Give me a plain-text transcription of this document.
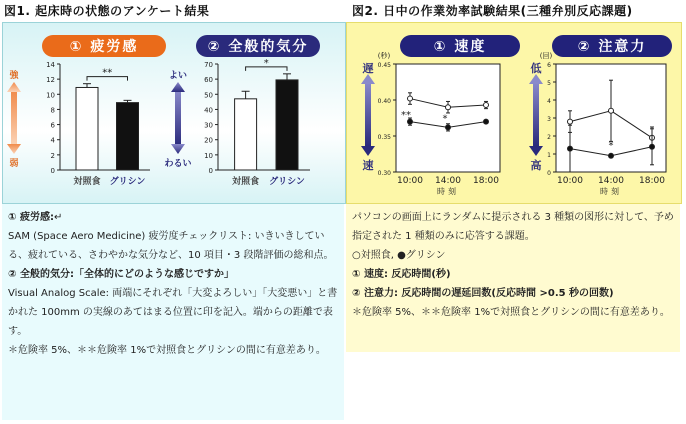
図1. 起床時の状態のアンケート結果	図2. 日中の作業効率試験結果(三種弁別反応課題)
① 疲労感	② 全般的気分	① 速度	② 注意力
0
2
4
6
8
10
12
14
強
弱
対照食 グリシン
**
0
10
20
30
40
50
60
70
よい
わるい
対照食 グリシン
*
0.30
0.35
0.40
0.45
(秒)
10:00 14:00 18:00
時刻
遅
速
**	*
0
1
2
3
4
5
6
(回)
10:00 14:00 18:00
時刻
低
高
*
① 疲労感:↵
SAM (Space Aero Medicine) 疲労度チェックリスト: いきいきしている、疲れている、さわやかな気分など、10 項目・3 段階評価の総和点。
② 全般的気分:「全体的にどのような感じですか」
Visual Analog Scale: 両端にそれぞれ「大変よろしい」「大変悪い」と書かれた 100mm の実線のあてはまる位置に印を記入。端からの距離で表す。
＊危険率 5%、＊＊危険率 1%で対照食とグリシンの間に有意差あり。
パソコンの画面上にランダムに提示される 3 種類の図形に対して、予め指定された 1 種類のみに応答する課題。
○対照食, ●グリシン
① 速度: 反応時間(秒)
② 注意力: 反応時間の遅延回数(反応時間 >0.5 秒の回数)
＊危険率 5%、＊＊危険率 1%で対照食とグリシンの間に有意差あり。
